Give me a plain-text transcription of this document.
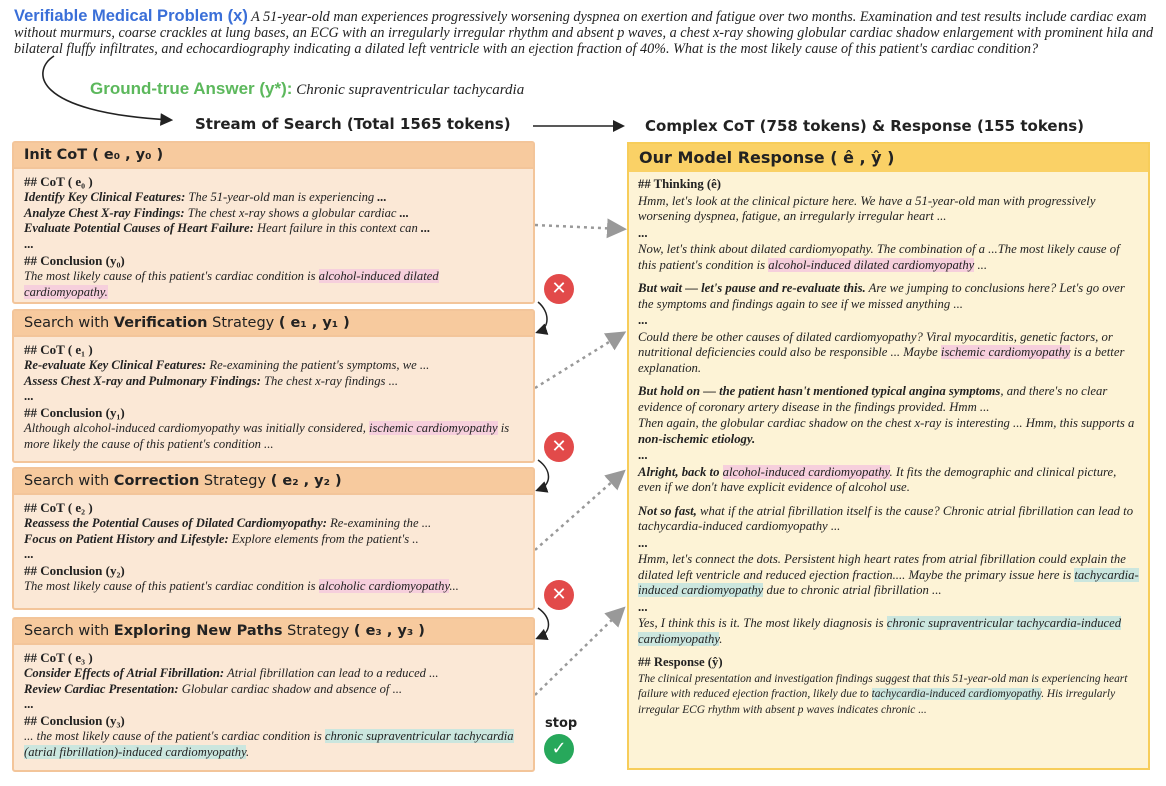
Verifiable Medical Problem (x) A 51-year-old man experiences progressively worsening dyspnea on exertion and fatigue over two months. Examination and test results include cardiac exam without murmurs, coarse crackles at lung bases, an ECG with an irregularly irregular rhythm and absent p waves, a chest x-ray showing globular cardiac shadow enlargement with prominent hila and bilateral fluffy infiltrates, and echocardiography indicating a dilated left ventricle with an ejection fraction of 40%. What is the most likely cause of this patient's cardiac condition?
Ground-true Answer (y*): Chronic supraventricular tachycardia
Stream of Search (Total 1565 tokens)	Complex CoT (758 tokens) & Response (155 tokens)
Init CoT ( e₀ , y₀ )
## CoT ( e₀ )
Identify Key Clinical Features: The 51-year-old man is experiencing ...
Analyze Chest X-ray Findings: The chest x-ray shows a globular cardiac ...
Evaluate Potential Causes of Heart Failure: Heart failure in this context can ...
...
## Conclusion (y₀)
The most likely cause of this patient's cardiac condition is alcohol-induced dilated cardiomyopathy.	✕
Search with Verification Strategy ( e₁ , y₁ )
## CoT ( e₁ )
Re-evaluate Key Clinical Features: Re-examining the patient's symptoms, we ...
Assess Chest X-ray and Pulmonary Findings: The chest x-ray findings ...
...
## Conclusion (y₁)
Although alcohol-induced cardiomyopathy was initially considered, ischemic cardiomyopathy is more likely the cause of this patient's condition ...	✕
Search with Correction Strategy ( e₂ , y₂ )
## CoT ( e₂ )
Reassess the Potential Causes of Dilated Cardiomyopathy: Re-examining the ...
Focus on Patient History and Lifestyle: Explore elements from the patient's ..
...
## Conclusion (y₂)
The most likely cause of this patient's cardiac condition is alcoholic cardiomyopathy...	✕
Search with Exploring New Paths Strategy ( e₃ , y₃ )
## CoT ( e₃ )
Consider Effects of Atrial Fibrillation: Atrial fibrillation can lead to a reduced ...
Review Cardiac Presentation: Globular cardiac shadow and absence of ...
...
## Conclusion (y₃)
... the most likely cause of the patient's cardiac condition is chronic supraventricular tachycardia (atrial fibrillation)-induced cardiomyopathy.
stop
✓
Our Model Response ( ê , ŷ )

## Thinking (ê)

Hmm, let's look at the clinical picture here. We have a 51-year-old man with progressively worsening dyspnea, fatigue, an irregularly irregular heart ...

...

Now, let's think about dilated cardiomyopathy. The combination of a ...The most likely cause of this patient's condition is alcohol-induced dilated cardiomyopathy ...

But wait — let's pause and re-evaluate this. Are we jumping to conclusions here? Let's go over the symptoms and findings again to see if we missed anything ...

...

Could there be other causes of dilated cardiomyopathy? Viral myocarditis, genetic factors, or nutritional deficiencies could also be responsible ... Maybe ischemic cardiomyopathy is a better explanation.

But hold on — the patient hasn't mentioned typical angina symptoms, and there's no clear evidence of coronary artery disease in the findings provided. Hmm ...

Then again, the globular cardiac shadow on the chest x-ray is interesting ... Hmm, this supports a non-ischemic etiology.

...

Alright, back to alcohol-induced cardiomyopathy. It fits the demographic and clinical picture, even if we don't have explicit evidence of alcohol use.

Not so fast, what if the atrial fibrillation itself is the cause? Chronic atrial fibrillation can lead to tachycardia-induced cardiomyopathy ...

...

Hmm, let's connect the dots. Persistent high heart rates from atrial fibrillation could explain the dilated left ventricle and reduced ejection fraction.... Maybe the primary issue here is tachycardia-induced cardiomyopathy due to chronic atrial fibrillation ...

...

Yes, I think this is it. The most likely diagnosis is chronic supraventricular tachycardia-induced cardiomyopathy.

## Response (ŷ)

The clinical presentation and investigation findings suggest that this 51-year-old man is experiencing heart failure with reduced ejection fraction, likely due to tachycardia-induced cardiomyopathy. His irregularly irregular ECG rhythm with absent p waves indicates chronic ...
